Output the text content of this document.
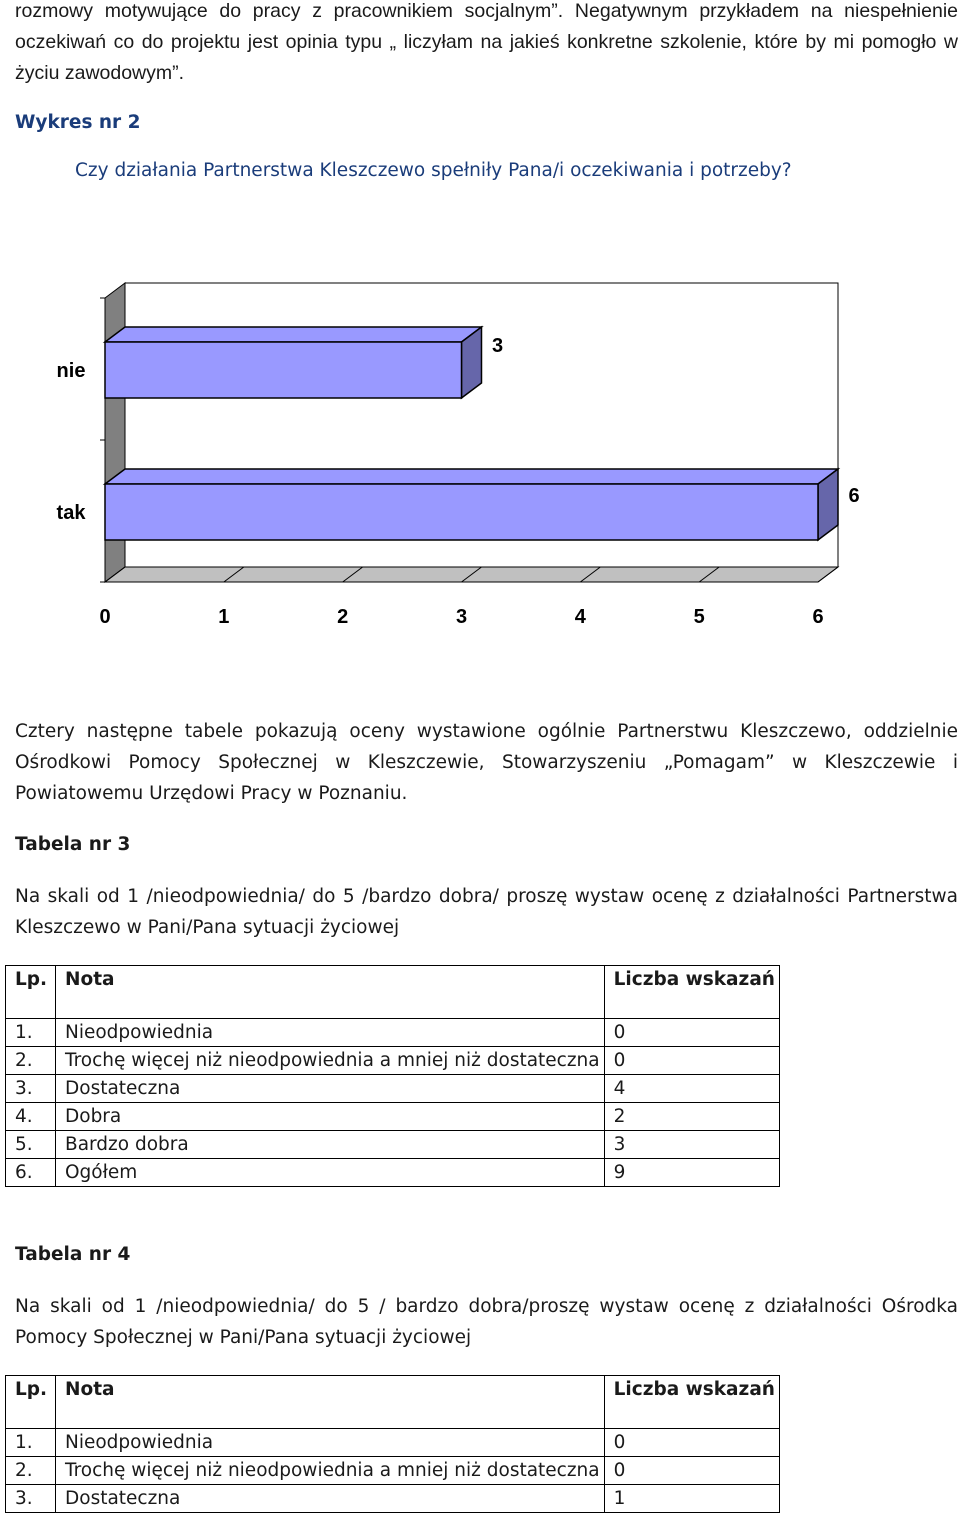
rozmowy motywujące do pracy z pracownikiem socjalnym”. Negatywnym przykładem na niespełnienie oczekiwań co do projektu jest opinia typu „ liczyłam na jakieś konkretne szkolenie, które by mi pomogło w życiu zawodowym”.
Wykres nr 2
Czy działania Partnerstwa Kleszczewo spełniły Pana/i oczekiwania i potrzeby?
0	1	2	3	4	5	6
nie
3
tak
6
Cztery następne tabele pokazują oceny wystawione ogólnie Partnerstwu Kleszczewo, oddzielnie Ośrodkowi Pomocy Społecznej w Kleszczewie, Stowarzyszeniu „Pomagam” w Kleszczewie i Powiatowemu Urzędowi Pracy w Poznaniu.
Tabela nr 3
Na skali od 1 /nieodpowiednia/ do 5 /bardzo dobra/ proszę wystaw ocenę z działalności Partnerstwa Kleszczewo w Pani/Pana sytuacji życiowej
Lp.	Nota	Liczba wskazań
1.	Nieodpowiednia	0
2.	Trochę więcej niż nieodpowiednia a mniej niż dostateczna	0
3.	Dostateczna	4
4.	Dobra	2
5.	Bardzo dobra	3
6.	Ogółem	9
Tabela nr 4
Na skali od 1 /nieodpowiednia/ do 5 / bardzo dobra/proszę wystaw ocenę z działalności Ośrodka Pomocy Społecznej w Pani/Pana sytuacji życiowej
Lp.	Nota	Liczba wskazań
1.	Nieodpowiednia	0
2.	Trochę więcej niż nieodpowiednia a mniej niż dostateczna	0
3.	Dostateczna	1
